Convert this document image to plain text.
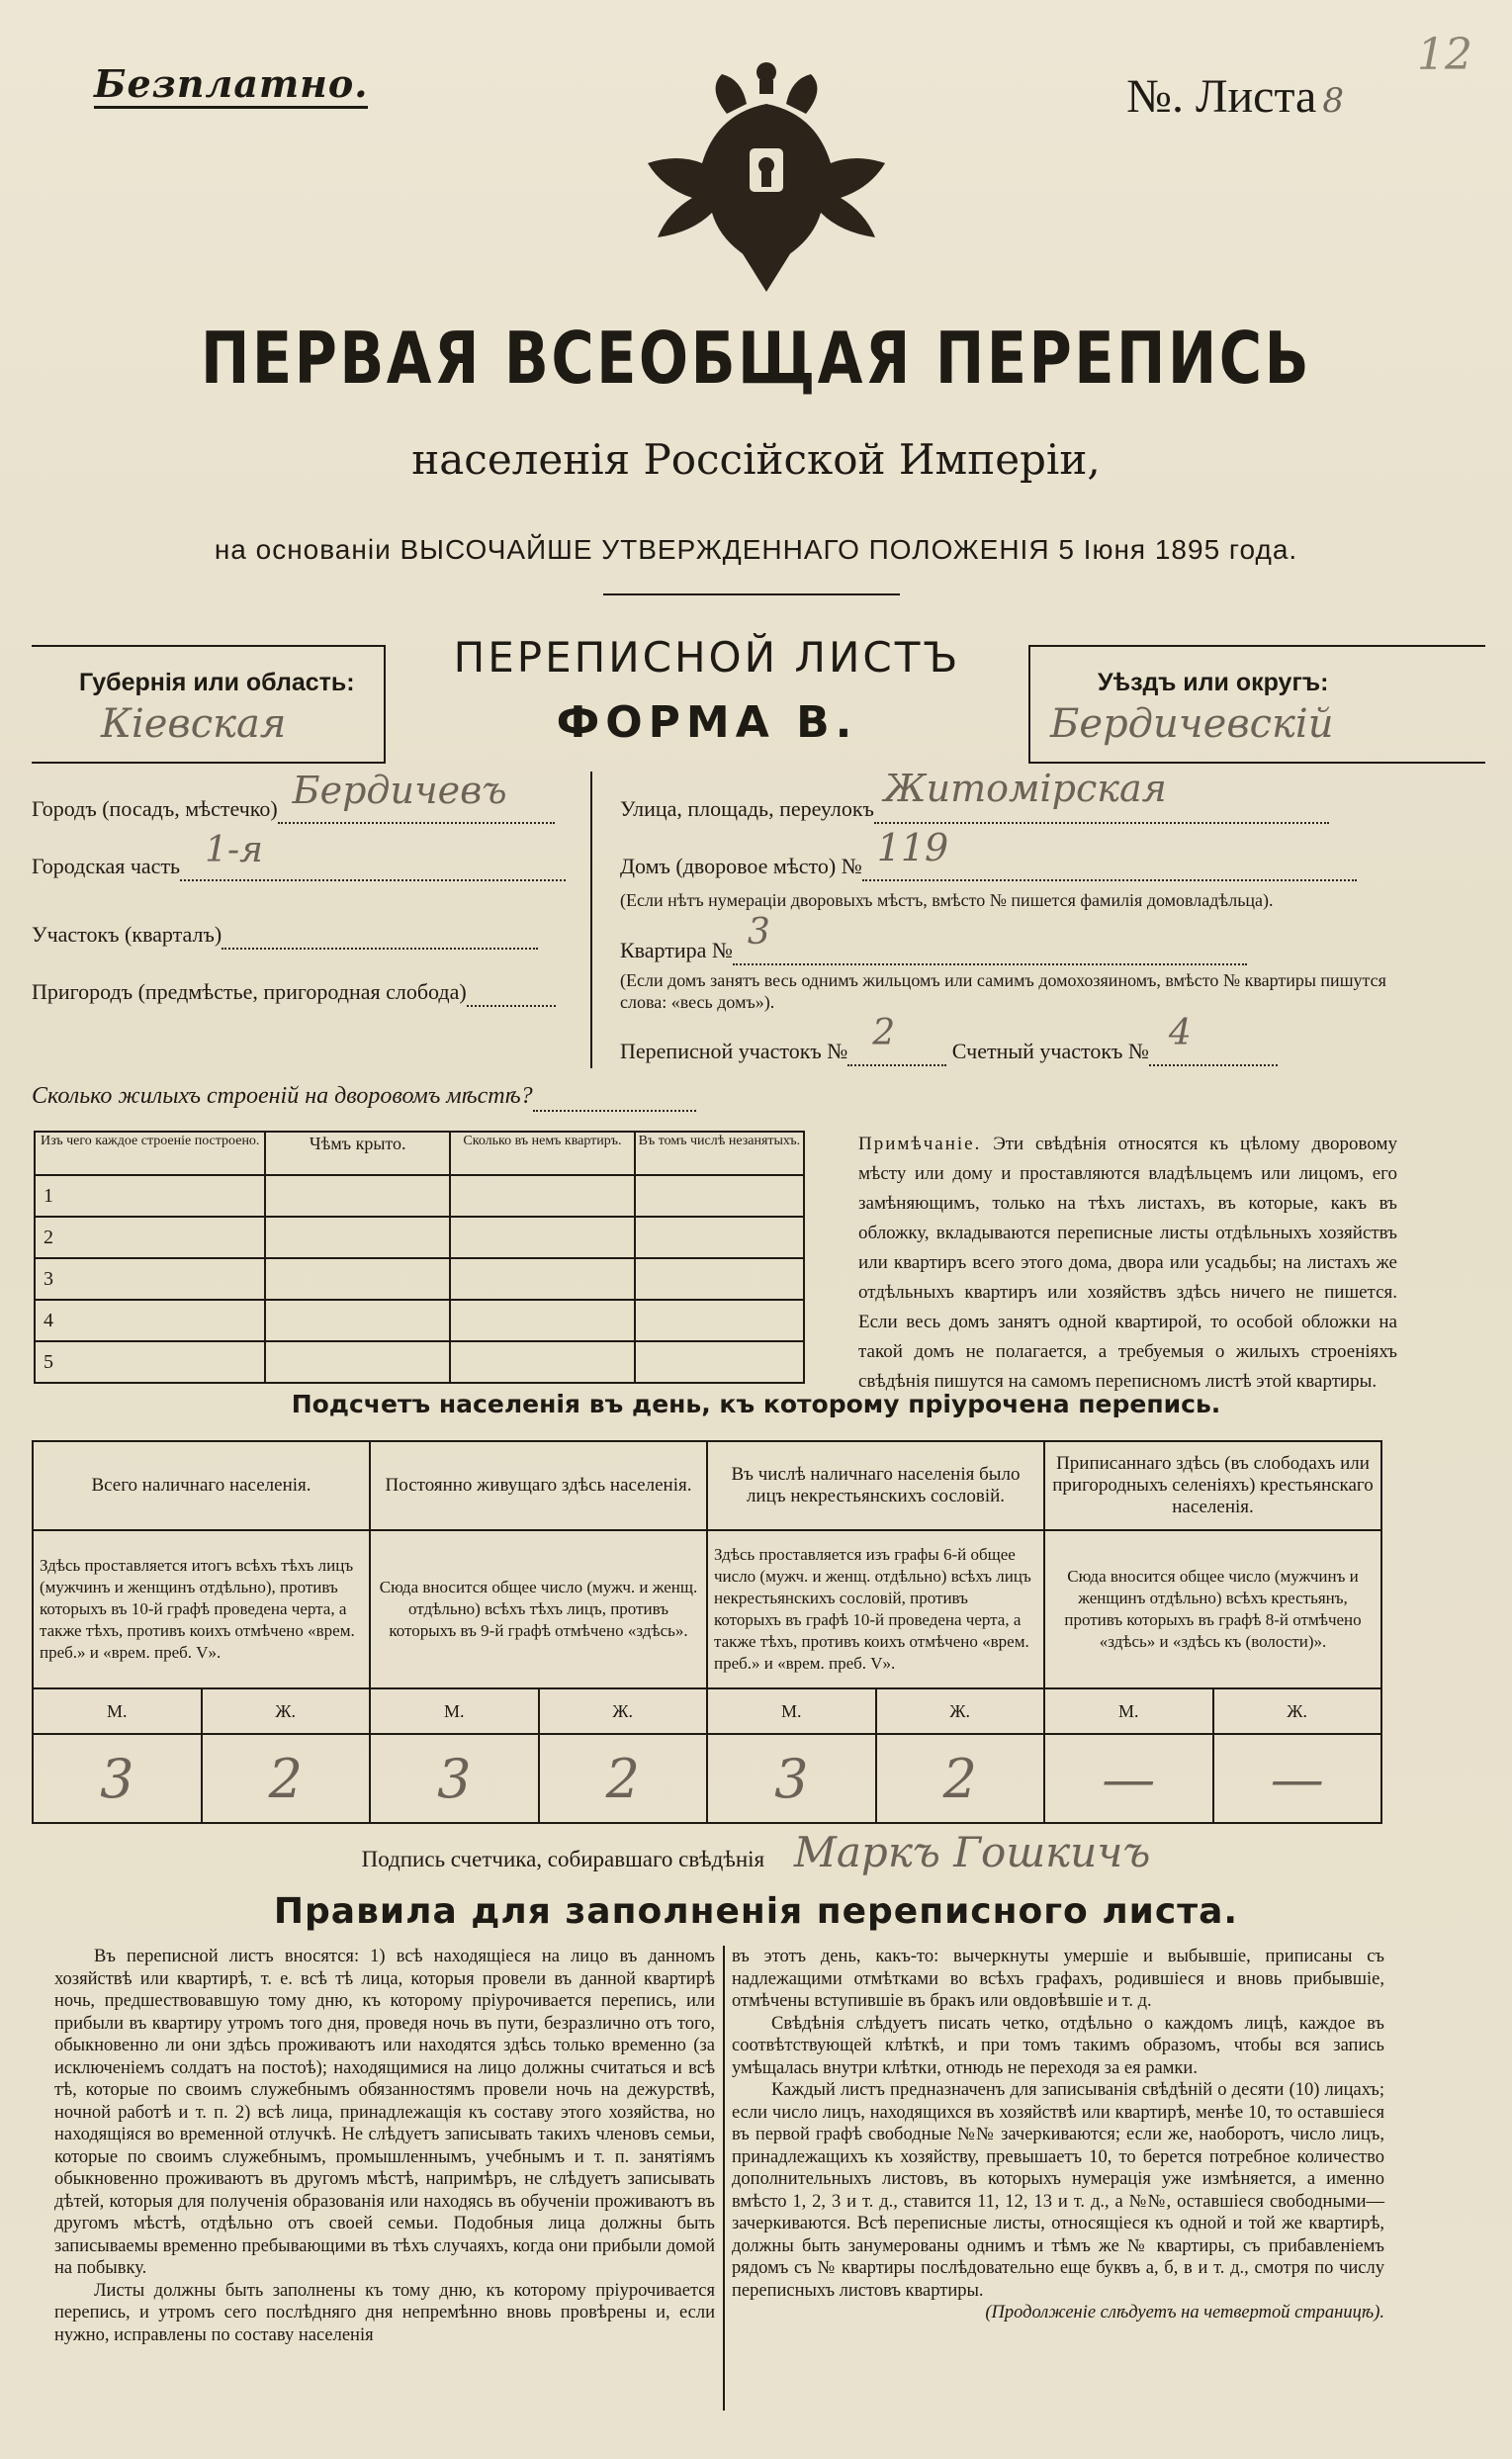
Безплатно.	№. Листа 8
12
ПЕРВАЯ ВСЕОБЩАЯ ПЕРЕПИСЬ
населенія Россійской Имперіи,
на основаніи ВЫСОЧАЙШЕ УТВЕРЖДЕННАГО ПОЛОЖЕНІЯ 5 Іюня 1895 года.
Губернія или область:
Кіевская
ПЕРЕПИСНОЙ ЛИСТЪ
ФОРМА В.
Уѣздъ или округъ:
Бердичевскій
Городъ (посадъ, мѣстечко) Бердичевъ

Городская часть 1-я

Участокъ (кварталъ)
Пригородъ (предмѣстье, пригородная слобода)
Улица, площадь, переулокъ Житомірская

Домъ (дворовое мѣсто) № 119

(Если нѣтъ нумераціи дворовыхъ мѣстъ, вмѣсто № пишется фамилія домовладѣльца).
Квартира № 3

(Если домъ занятъ весь однимъ жильцомъ или самимъ домохозяиномъ, вмѣсто № квартиры пишутся слова: «весь домъ»).
Переписной участокъ № 2	Счетный участокъ № 4

Сколько жилыхъ строеній на дворовомъ мѣстѣ?
Изъ чего каждое строеніе построено.	Чѣмъ крыто.	Сколько въ немъ квартиръ.	Въ томъ числѣ незанятыхъ.
1			
2			
3			
4			
5			
Примѣчаніе. Эти свѣдѣнія относятся къ цѣлому дворовому мѣсту или дому и проставляются владѣльцемъ или лицомъ, его замѣняющимъ, только на тѣхъ листахъ, въ которые, какъ въ обложку, вкладываются переписные листы отдѣльныхъ хозяйствъ или квартиръ всего этого дома, двора или усадьбы; на листахъ же отдѣльныхъ квартиръ или хозяйствъ здѣсь ничего не пишется. Если весь домъ занятъ одной квартирой, то особой обложки на такой домъ не полагается, а требуемыя о жилыхъ строеніяхъ свѣдѣнія пишутся на самомъ переписномъ листѣ этой квартиры.
Подсчетъ населенія въ день, къ которому пріурочена перепись.
Всего наличнаго населенія.		Постоянно живущаго здѣсь населенія.		Въ числѣ наличнаго населенія было лицъ некрестьянскихъ сословій.		Приписаннаго здѣсь (въ слободахъ или пригородныхъ селеніяхъ) крестьянскаго населенія.	
Здѣсь проставляется итогъ всѣхъ тѣхъ лицъ (мужчинъ и женщинъ отдѣльно), противъ которыхъ въ 10-й графѣ проведена черта, а также тѣхъ, противъ коихъ отмѣчено «врем. преб.» и «врем. преб. V».		Сюда вносится общее число (мужч. и женщ. отдѣльно) всѣхъ тѣхъ лицъ, противъ которыхъ въ 9-й графѣ отмѣчено «здѣсь».		Здѣсь проставляется изъ графы 6-й общее число (мужч. и женщ. отдѣльно) всѣхъ лицъ некрестьянскихъ сословій, противъ которыхъ въ графѣ 10-й проведена черта, а также тѣхъ, противъ коихъ отмѣчено «врем. преб.» и «врем. преб. V».		Сюда вносится общее число (мужчинъ и женщинъ отдѣльно) всѣхъ крестьянъ, противъ которыхъ въ графѣ 8-й отмѣчено «здѣсь» и «здѣсь къ (волости)».	
М.	Ж.	М.	Ж.	М.	Ж.	М.	Ж.
3	2	3	2	3	2	—	—
Подпись счетчика, собиравшаго свѣдѣнія Маркъ Гошкичъ
Правила для заполненія переписного листа.

Въ переписной листъ вносятся: 1) всѣ находящіеся на лицо въ данномъ хозяйствѣ или квартирѣ, т. е. всѣ тѣ лица, которыя провели въ данной квартирѣ ночь, предшествовавшую тому дню, къ которому пріурочивается перепись, или прибыли въ квартиру утромъ того дня, проведя ночь въ пути, безразлично отъ того, обыкновенно ли они здѣсь проживаютъ или находятся здѣсь только временно (за исключеніемъ солдатъ на постоѣ); находящимися на лицо должны считаться и всѣ тѣ, которые по своимъ служебнымъ обязанностямъ провели ночь на дежурствѣ, ночной работѣ и т. п. 2) всѣ лица, принадлежащія къ составу этого хозяйства, но находящіяся во временной отлучкѣ. Не слѣдуетъ записывать такихъ членовъ семьи, которые по своимъ служебнымъ, промышленнымъ, учебнымъ и т. п. занятіямъ обыкновенно проживаютъ въ другомъ мѣстѣ, напримѣръ, не слѣдуетъ записывать дѣтей, которыя для полученія образованія или находясь въ обученіи проживаютъ въ другомъ мѣстѣ, отдѣльно отъ своей семьи. Подобныя лица должны быть записываемы временно пребывающими въ тѣхъ случаяхъ, когда они прибыли домой на побывку.

Листы должны быть заполнены къ тому дню, къ которому пріурочивается перепись, и утромъ сего послѣдняго дня непремѣнно вновь провѣрены и, если нужно, исправлены по составу населенія

въ этотъ день, какъ-то: вычеркнуты умершіе и выбывшіе, приписаны съ надлежащими отмѣтками во всѣхъ графахъ, родившіеся и вновь прибывшіе, отмѣчены вступившіе въ бракъ или овдовѣвшіе и т. д.

Свѣдѣнія слѣдуетъ писать четко, отдѣльно о каждомъ лицѣ, каждое въ соотвѣтствующей клѣткѣ, и при томъ такимъ образомъ, чтобы вся запись умѣщалась внутри клѣтки, отнюдь не переходя за ея рамки.

Каждый листъ предназначенъ для записыванія свѣдѣній о десяти (10) лицахъ; если число лицъ, находящихся въ хозяйствѣ или квартирѣ, менѣе 10, то оставшіеся въ первой графѣ свободные №№ зачеркиваются; если же, наоборотъ, число лицъ, принадлежащихъ къ хозяйству, превышаетъ 10, то берется потребное количество дополнительныхъ листовъ, въ которыхъ нумерація уже измѣняется, а именно вмѣсто 1, 2, 3 и т. д., ставится 11, 12, 13 и т. д., а №№, оставшіеся свободными—зачеркиваются. Всѣ переписные листы, относящіеся къ одной и той же квартирѣ, должны быть занумерованы однимъ и тѣмъ же № квартиры, съ прибавленіемъ рядомъ съ № квартиры послѣдовательно еще буквъ а, б, в и т. д., смотря по числу переписныхъ листовъ квартиры.

(Продолженіе слѣдуетъ на четвертой страницѣ).
